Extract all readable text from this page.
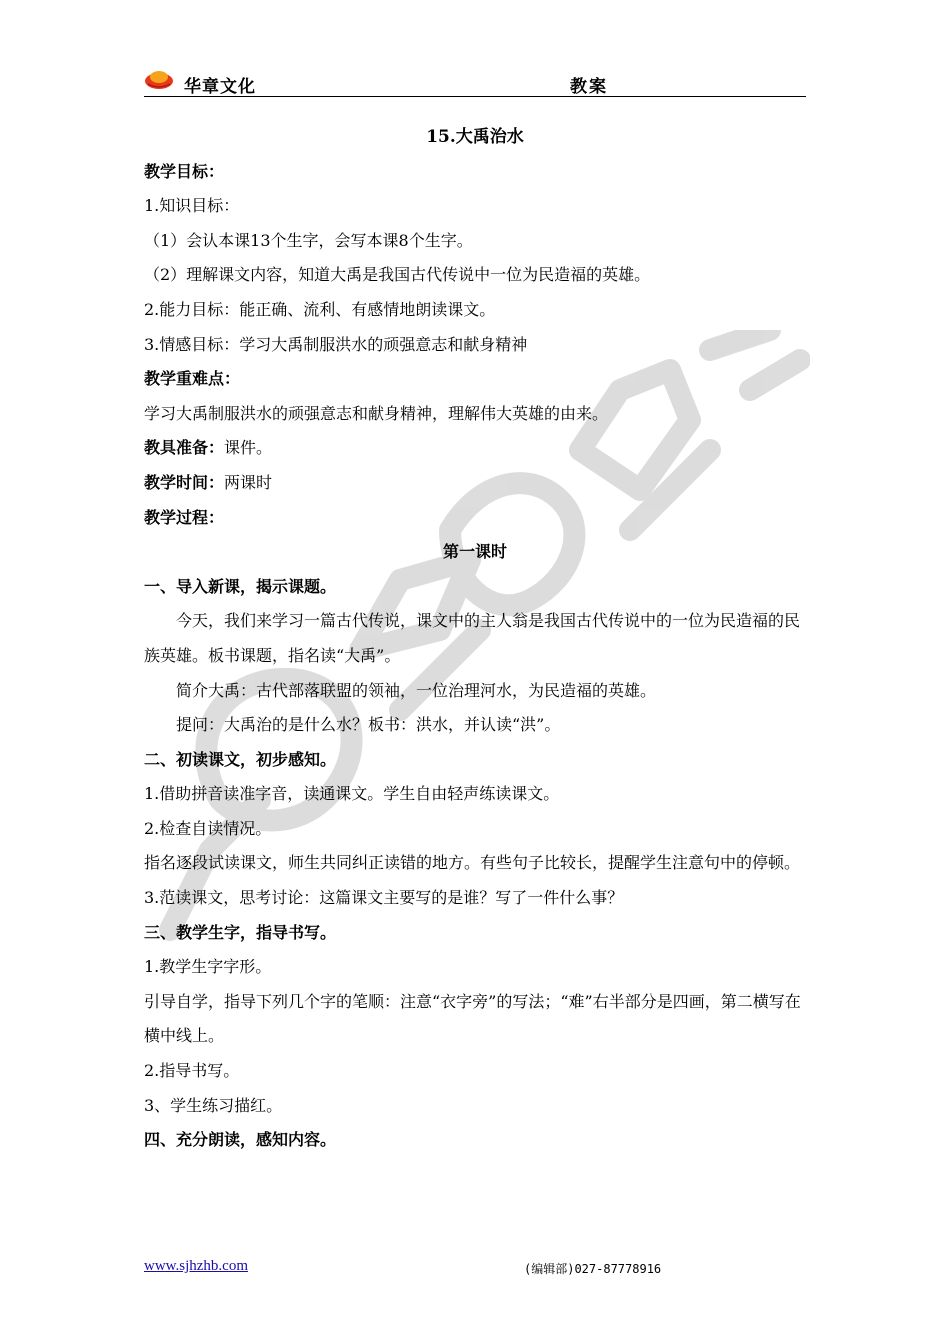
华章文化	教案

15.大禹治水

教学目标：

1.知识目标：

（1）会认本课13个生字，会写本课8个生字。

（2）理解课文内容，知道大禹是我国古代传说中一位为民造福的英雄。

2.能力目标：能正确、流利、有感情地朗读课文。

3.情感目标：学习大禹制服洪水的顽强意志和献身精神

教学重难点：

学习大禹制服洪水的顽强意志和献身精神，理解伟大英雄的由来。

教具准备：课件。

教学时间：两课时

教学过程：

第一课时

一、导入新课，揭示课题。

今天，我们来学习一篇古代传说，课文中的主人翁是我国古代传说中的一位为民造福的民族英雄。板书课题，指名读“大禹”。

简介大禹：古代部落联盟的领袖，一位治理河水，为民造福的英雄。

提问：大禹治的是什么水？板书：洪水，并认读“洪”。

二、初读课文，初步感知。

1.借助拼音读准字音，读通课文。学生自由轻声练读课文。

2.检查自读情况。

指名逐段试读课文，师生共同纠正读错的地方。有些句子比较长，提醒学生注意句中的停顿。

3.范读课文，思考讨论：这篇课文主要写的是谁？写了一件什么事？

三、教学生字，指导书写。

1.教学生字字形。

引导自学，指导下列几个字的笔顺：注意“衣字旁”的写法；“难”右半部分是四画，第二横写在横中线上。

2.指导书写。

3、学生练习描红。

四、充分朗读，感知内容。

www.sjhzhb.com	(编辑部)027-87778916
